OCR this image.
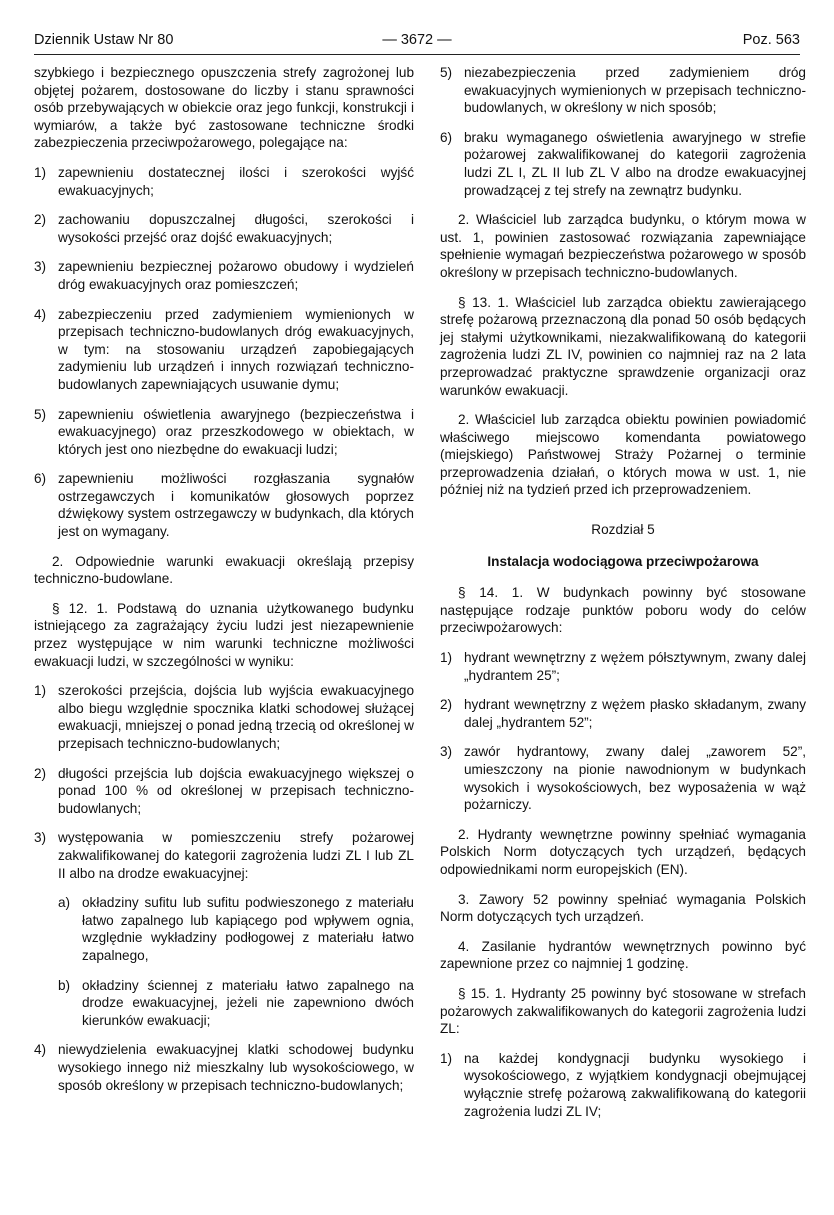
Dziennik Ustaw Nr 80	— 3672 —	Poz. 563

szybkiego i bezpiecznego opuszczenia strefy zagrożonej lub objętej pożarem, dostosowane do liczby i stanu sprawności osób przebywających w obiekcie oraz jego funkcji, konstrukcji i wymiarów, a także być zastosowane techniczne środki zabezpieczenia przeciwpożarowego, polegające na:

1) zapewnieniu dostatecznej ilości i szerokości wyjść ewakuacyjnych;
2) zachowaniu dopuszczalnej długości, szerokości i wysokości przejść oraz dojść ewakuacyjnych;
3) zapewnieniu bezpiecznej pożarowo obudowy i wydzieleń dróg ewakuacyjnych oraz pomieszczeń;
4) zabezpieczeniu przed zadymieniem wymienionych w przepisach techniczno-budowlanych dróg ewakuacyjnych, w tym: na stosowaniu urządzeń zapobiegających zadymieniu lub urządzeń i innych rozwiązań techniczno-budowlanych zapewniających usuwanie dymu;
5) zapewnieniu oświetlenia awaryjnego (bezpieczeństwa i ewakuacyjnego) oraz przeszkodowego w obiektach, w których jest ono niezbędne do ewakuacji ludzi;
6) zapewnieniu możliwości rozgłaszania sygnałów ostrzegawczych i komunikatów głosowych poprzez dźwiękowy system ostrzegawczy w budynkach, dla których jest on wymagany.

2. Odpowiednie warunki ewakuacji określają przepisy techniczno-budowlane.

§ 12. 1. Podstawą do uznania użytkowanego budynku istniejącego za zagrażający życiu ludzi jest niezapewnienie przez występujące w nim warunki techniczne możliwości ewakuacji ludzi, w szczególności w wyniku:

1) szerokości przejścia, dojścia lub wyjścia ewakuacyjnego albo biegu względnie spocznika klatki schodowej służącej ewakuacji, mniejszej o ponad jedną trzecią od określonej w przepisach techniczno-budowlanych;
2) długości przejścia lub dojścia ewakuacyjnego większej o ponad 100 % od określonej w przepisach techniczno-budowlanych;
3) występowania w pomieszczeniu strefy pożarowej zakwalifikowanej do kategorii zagrożenia ludzi ZL I lub ZL II albo na drodze ewakuacyjnej:
a) okładziny sufitu lub sufitu podwieszonego z materiału łatwo zapalnego lub kapiącego pod wpływem ognia, względnie wykładziny podłogowej z materiału łatwo zapalnego,
b) okładziny ściennej z materiału łatwo zapalnego na drodze ewakuacyjnej, jeżeli nie zapewniono dwóch kierunków ewakuacji;
4) niewydzielenia ewakuacyjnej klatki schodowej budynku wysokiego innego niż mieszkalny lub wysokościowego, w sposób określony w przepisach techniczno-budowlanych;
5) niezabezpieczenia przed zadymieniem dróg ewakuacyjnych wymienionych w przepisach techniczno-budowlanych, w określony w nich sposób;
6) braku wymaganego oświetlenia awaryjnego w strefie pożarowej zakwalifikowanej do kategorii zagrożenia ludzi ZL I, ZL II lub ZL V albo na drodze ewakuacyjnej prowadzącej z tej strefy na zewnątrz budynku.

2. Właściciel lub zarządca budynku, o którym mowa w ust. 1, powinien zastosować rozwiązania zapewniające spełnienie wymagań bezpieczeństwa pożarowego w sposób określony w przepisach techniczno-budowlanych.

§ 13. 1. Właściciel lub zarządca obiektu zawierającego strefę pożarową przeznaczoną dla ponad 50 osób będących jej stałymi użytkownikami, niezakwalifikowaną do kategorii zagrożenia ludzi ZL IV, powinien co najmniej raz na 2 lata przeprowadzać praktyczne sprawdzenie organizacji oraz warunków ewakuacji.

2. Właściciel lub zarządca obiektu powinien powiadomić właściwego miejscowo komendanta powiatowego (miejskiego) Państwowej Straży Pożarnej o terminie przeprowadzenia działań, o których mowa w ust. 1, nie później niż na tydzień przed ich przeprowadzeniem.

Rozdział 5
Instalacja wodociągowa przeciwpożarowa

§ 14. 1. W budynkach powinny być stosowane następujące rodzaje punktów poboru wody do celów przeciwpożarowych:

1) hydrant wewnętrzny z wężem półsztywnym, zwany dalej „hydrantem 25”;
2) hydrant wewnętrzny z wężem płasko składanym, zwany dalej „hydrantem 52”;
3) zawór hydrantowy, zwany dalej „zaworem 52”, umieszczony na pionie nawodnionym w budynkach wysokich i wysokościowych, bez wyposażenia w wąż pożarniczy.

2. Hydranty wewnętrzne powinny spełniać wymagania Polskich Norm dotyczących tych urządzeń, będących odpowiednikami norm europejskich (EN).

3. Zawory 52 powinny spełniać wymagania Polskich Norm dotyczących tych urządzeń.

4. Zasilanie hydrantów wewnętrznych powinno być zapewnione przez co najmniej 1 godzinę.

§ 15. 1. Hydranty 25 powinny być stosowane w strefach pożarowych zakwalifikowanych do kategorii zagrożenia ludzi ZL:

1) na każdej kondygnacji budynku wysokiego i wysokościowego, z wyjątkiem kondygnacji obejmującej wyłącznie strefę pożarową zakwalifikowaną do kategorii zagrożenia ludzi ZL IV;
